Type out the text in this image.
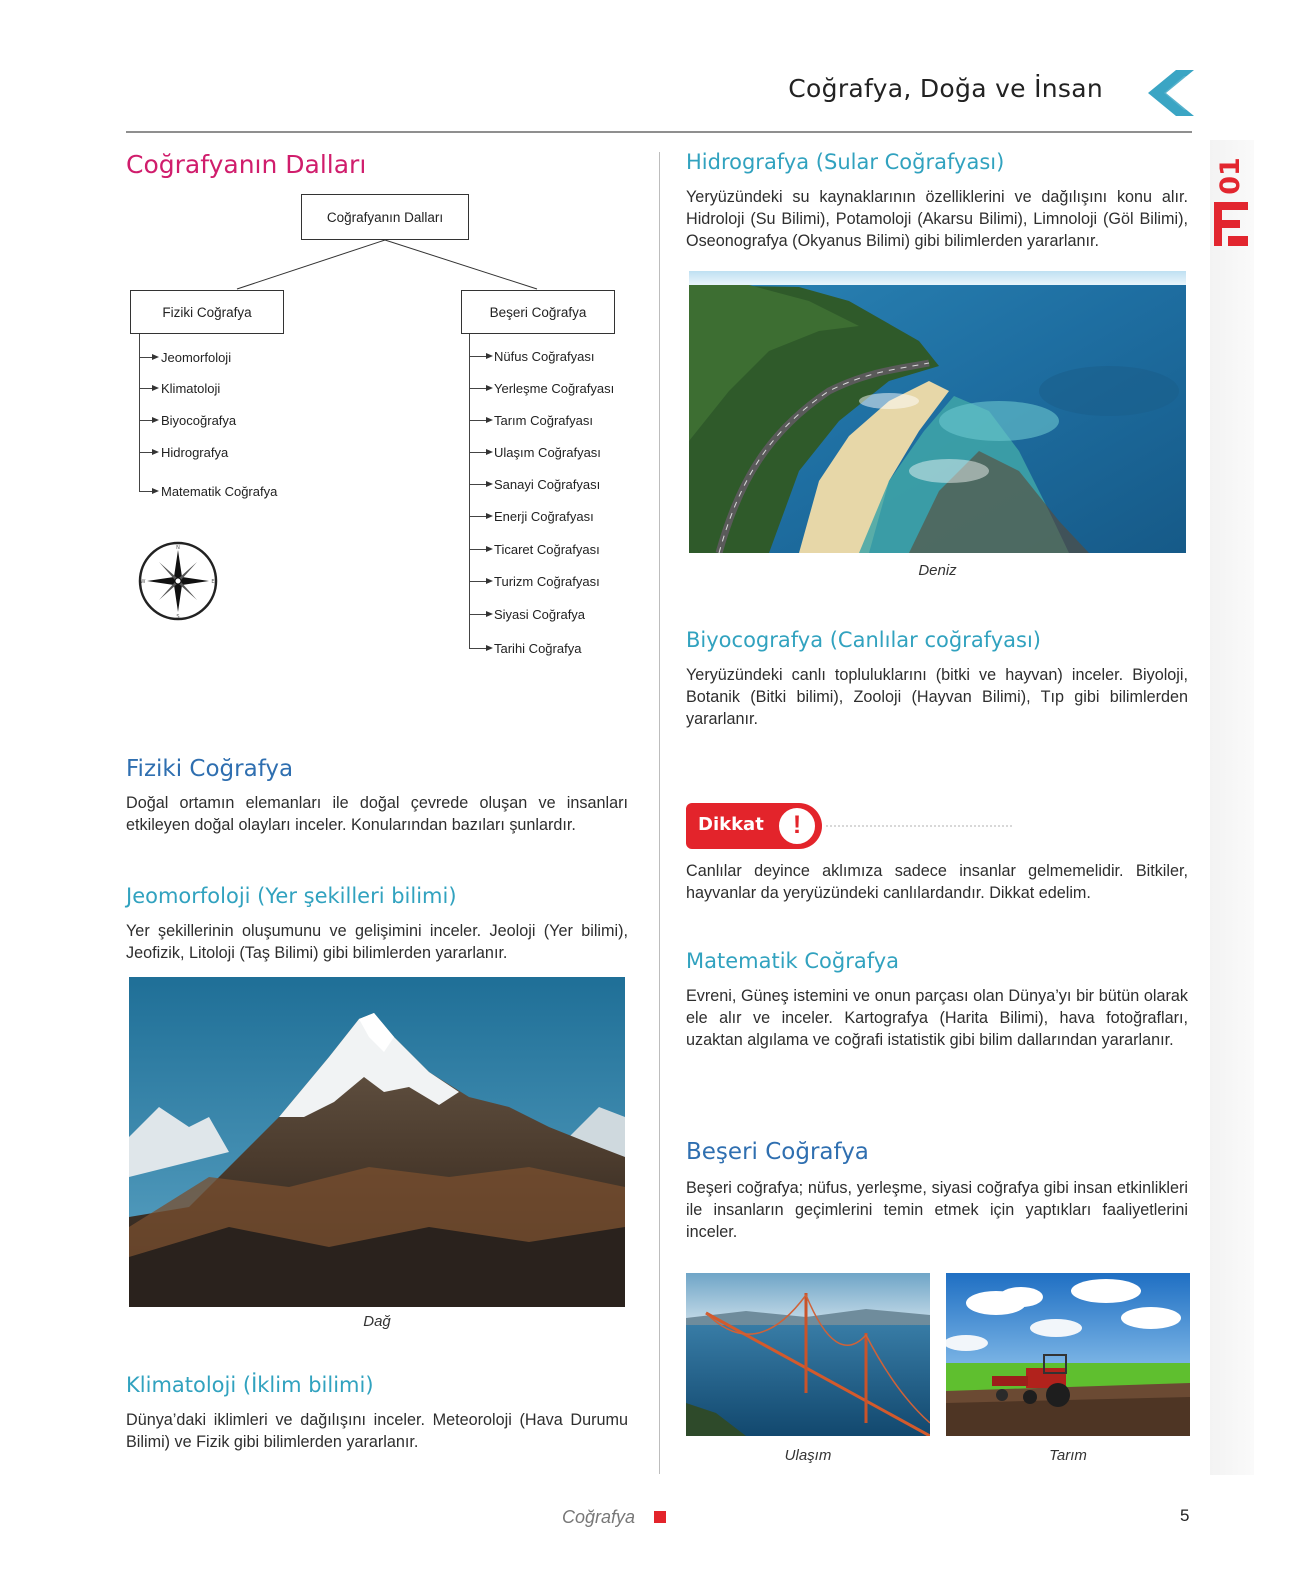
Coğrafya, Doğa ve İnsan
01
Coğrafyanın Dalları
Coğrafyanın Dalları
Fiziki Coğrafya	Beşeri Coğrafya
Jeomorfoloji
Klimatoloji
Biyocoğrafya
Hidrografya
Matematik Coğrafya
Nüfus Coğrafyası
Yerleşme Coğrafyası
Tarım Coğrafyası
Ulaşım Coğrafyası
Sanayi Coğrafyası
Enerji Coğrafyası
Ticaret Coğrafyası
Turizm Coğrafyası
Siyasi Coğrafya
Tarihi Coğrafya
N
E
S
W
Fiziki Coğrafya
Doğal ortamın elemanları ile doğal çevrede oluşan ve insanları etkileyen doğal olayları inceler. Konularından bazıları şunlardır.
Jeomorfoloji (Yer şekilleri bilimi)
Yer şekillerinin oluşumunu ve gelişimini inceler. Jeoloji (Yer bilimi), Jeofizik, Litoloji (Taş Bilimi) gibi bilimlerden yararlanır.
Dağ
Klimatoloji (İklim bilimi)
Dünya’daki iklimleri ve dağılışını inceler. Meteoroloji (Hava Durumu Bilimi) ve Fizik gibi bilimlerden yararlanır.
Hidrografya (Sular Coğrafyası)
Yeryüzündeki su kaynaklarının özelliklerini ve dağılışını konu alır. Hidroloji (Su Bilimi), Potamoloji (Akarsu Bilimi), Limnoloji (Göl Bilimi), Oseonografya (Okyanus Bilimi) gibi bilimlerden yararlanır.
Deniz
Biyocografya (Canlılar coğrafyası)
Yeryüzündeki canlı topluluklarını (bitki ve hayvan) inceler. Biyoloji, Botanik (Bitki bilimi), Zooloji (Hayvan Bilimi), Tıp gibi bilimlerden yararlanır.
Dikkat	!
Canlılar deyince aklımıza sadece insanlar gelmemelidir. Bitkiler, hayvanlar da yeryüzündeki canlılardandır. Dikkat edelim.
Matematik Coğrafya
Evreni, Güneş istemini ve onun parçası olan Dünya’yı bir bütün olarak ele alır ve inceler. Kartografya (Harita Bilimi), hava fotoğrafları, uzaktan algılama ve coğrafi istatistik gibi bilim dallarından yararlanır.
Beşeri Coğrafya
Beşeri coğrafya; nüfus, yerleşme, siyasi coğrafya gibi insan etkinlikleri ile insanların geçimlerini temin etmek için yaptıkları faaliyetlerini inceler.
Ulaşım	Tarım
Coğrafya	5
